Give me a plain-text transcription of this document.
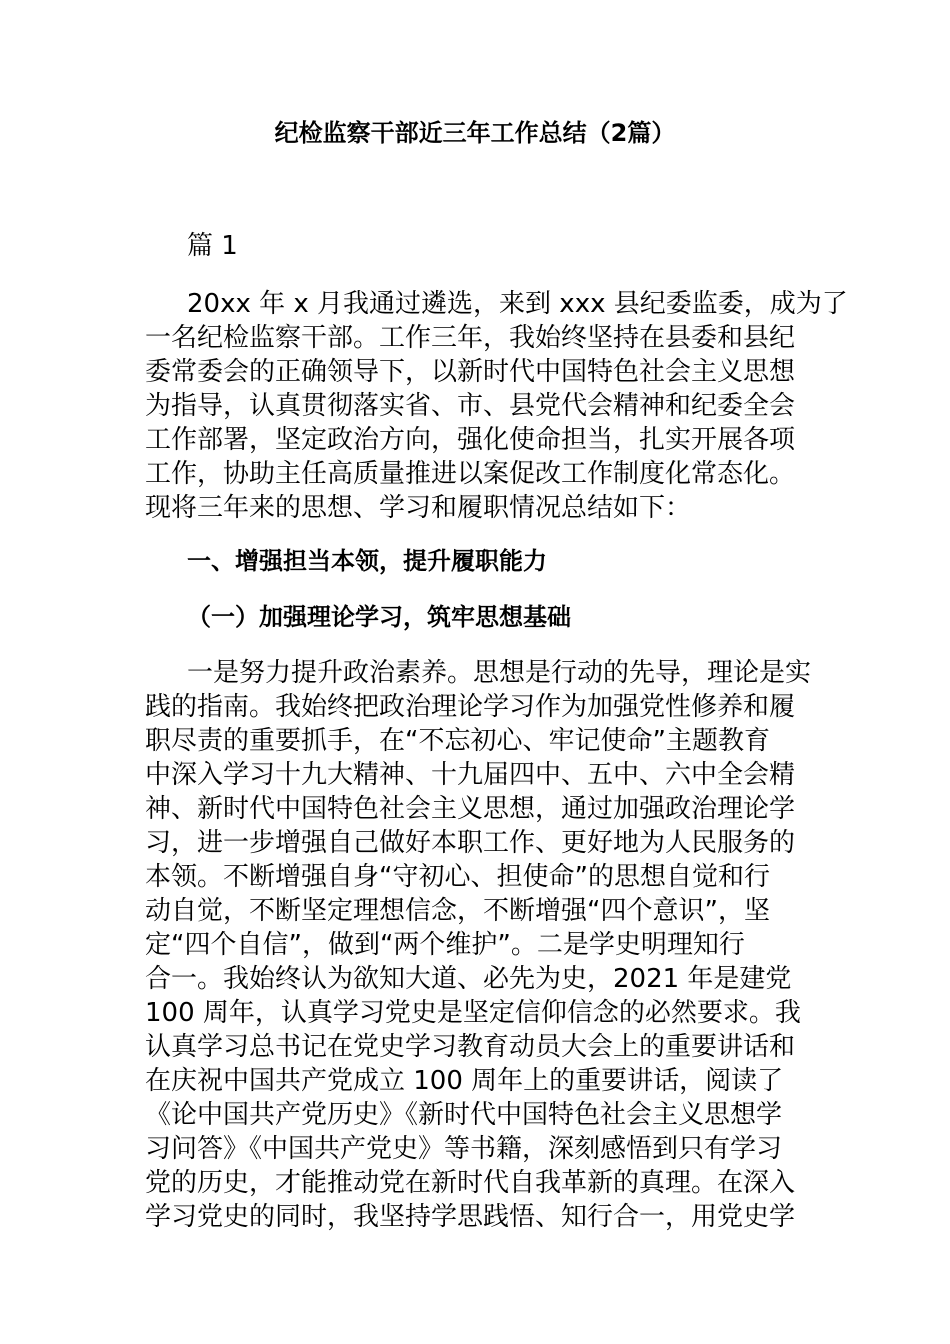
纪检监察干部近三年工作总结（2篇）
篇 1
20xx 年 x 月我通过遴选，来到 xxx 县纪委监委，成为了
一名纪检监察干部。工作三年，我始终坚持在县委和县纪
委常委会的正确领导下，以新时代中国特色社会主义思想
为指导，认真贯彻落实省、市、县党代会精神和纪委全会
工作部署，坚定政治方向，强化使命担当，扎实开展各项
工作，协助主任高质量推进以案促改工作制度化常态化。
现将三年来的思想、学习和履职情况总结如下：
一、增强担当本领，提升履职能力
（一）加强理论学习，筑牢思想基础
一是努力提升政治素养。思想是行动的先导，理论是实
践的指南。我始终把政治理论学习作为加强党性修养和履
职尽责的重要抓手，在“不忘初心、牢记使命”主题教育
中深入学习十九大精神、十九届四中、五中、六中全会精
神、新时代中国特色社会主义思想，通过加强政治理论学
习，进一步增强自己做好本职工作、更好地为人民服务的
本领。不断增强自身“守初心、担使命”的思想自觉和行
动自觉，不断坚定理想信念，不断增强“四个意识”，坚
定“四个自信”，做到“两个维护”。二是学史明理知行
合一。我始终认为欲知大道、必先为史，2021 年是建党
100 周年，认真学习党史是坚定信仰信念的必然要求。我
认真学习总书记在党史学习教育动员大会上的重要讲话和
在庆祝中国共产党成立 100 周年上的重要讲话，阅读了
《论中国共产党历史》《新时代中国特色社会主义思想学
习问答》《中国共产党史》等书籍，深刻感悟到只有学习
党的历史，才能推动党在新时代自我革新的真理。在深入
学习党史的同时，我坚持学思践悟、知行合一，用党史学
